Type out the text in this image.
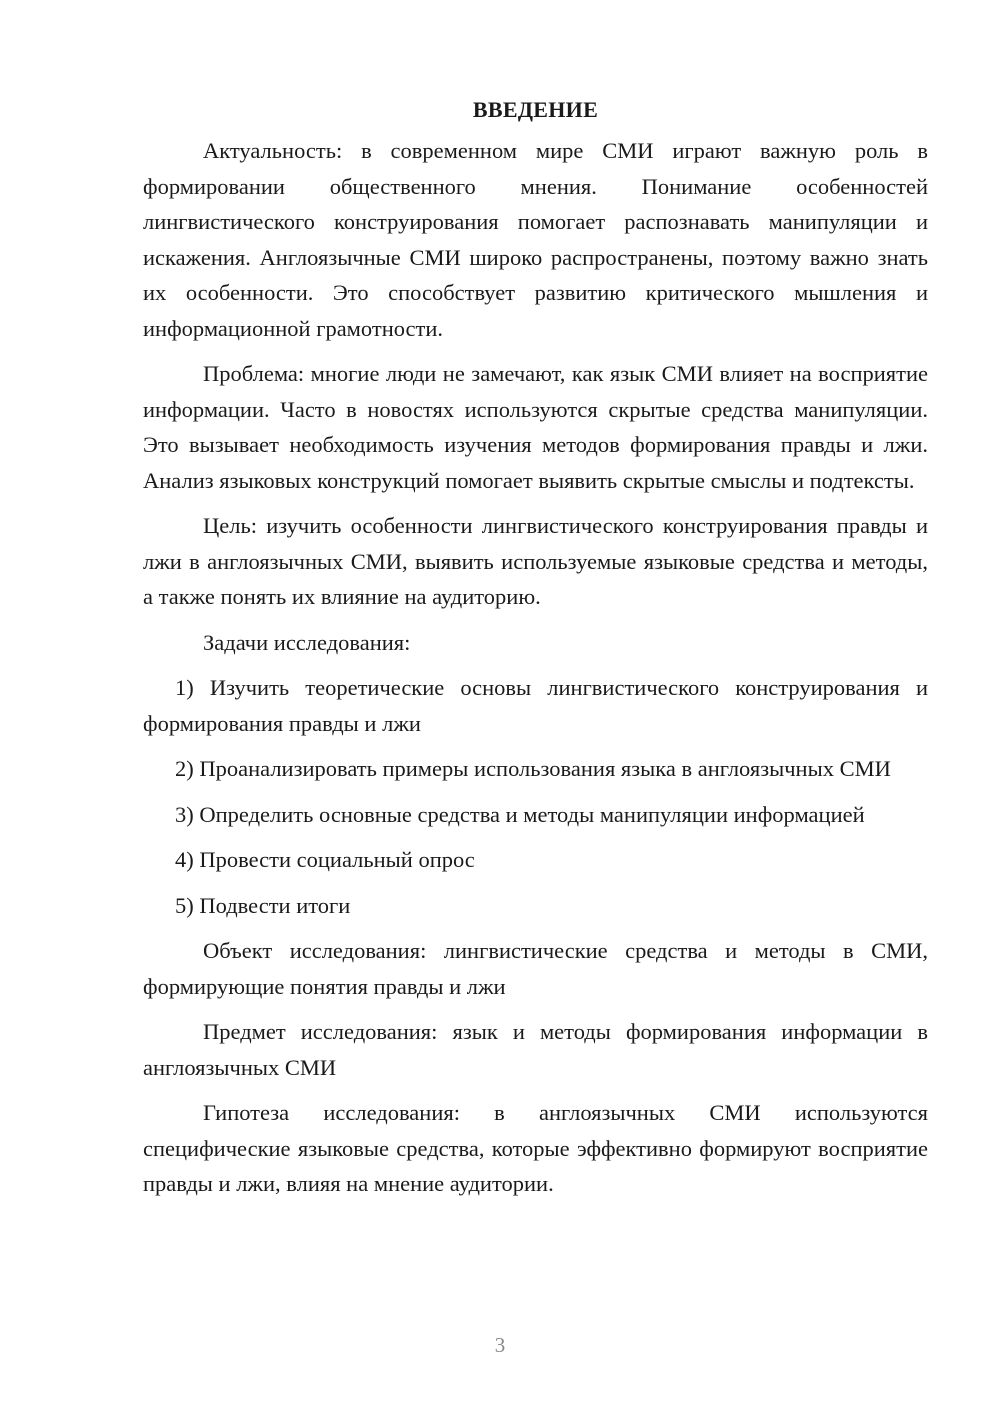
ВВЕДЕНИЕ

Актуальность: в современном мире СМИ играют важную роль в формировании общественного мнения. Понимание особенностей лингвистического конструирования помогает распознавать манипуляции и искажения. Англоязычные СМИ широко распространены, поэтому важно знать их особенности. Это способствует развитию критического мышления и информационной грамотности.

Проблема: многие люди не замечают, как язык СМИ влияет на восприятие информации. Часто в новостях используются скрытые средства манипуляции. Это вызывает необходимость изучения методов формирования правды и лжи. Анализ языковых конструкций помогает выявить скрытые смыслы и подтексты.

Цель: изучить особенности лингвистического конструирования правды и лжи в англоязычных СМИ, выявить используемые языковые средства и методы, а также понять их влияние на аудиторию.

Задачи исследования:

1) Изучить теоретические основы лингвистического конструирования и формирования правды и лжи

2) Проанализировать примеры использования языка в англоязычных СМИ

3) Определить основные средства и методы манипуляции информацией

4) Провести социальный опрос

5) Подвести итоги

Объект исследования: лингвистические средства и методы в СМИ, формирующие понятия правды и лжи

Предмет исследования: язык и методы формирования информации в англоязычных СМИ

Гипотеза исследования: в англоязычных СМИ используются специфические языковые средства, которые эффективно формируют восприятие правды и лжи, влияя на мнение аудитории.

3
